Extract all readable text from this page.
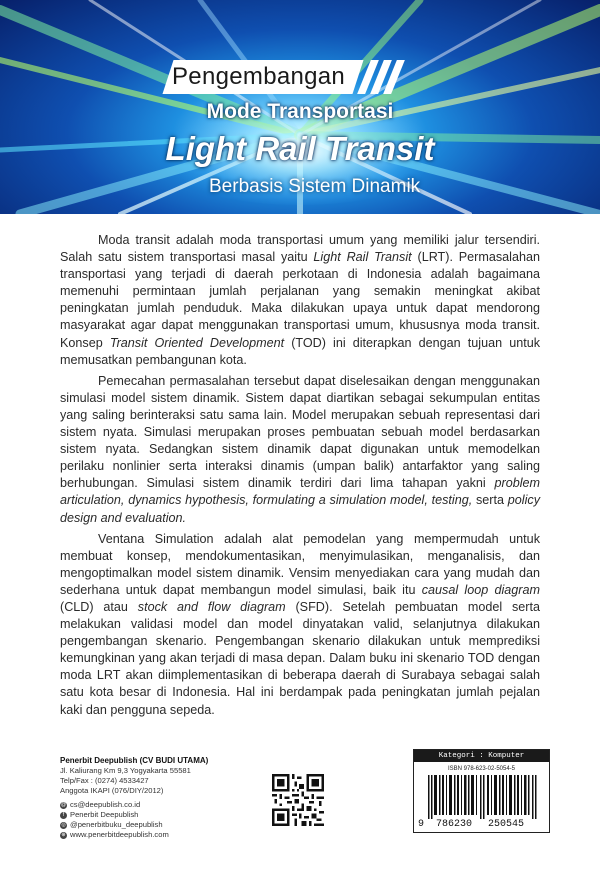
Pengembangan
Mode Transportasi
Light Rail Transit
Berbasis Sistem Dinamik

Moda transit adalah moda transportasi umum yang memiliki jalur tersendiri. Salah satu sistem transportasi masal yaitu Light Rail Transit (LRT). Permasalahan transportasi yang terjadi di daerah perkotaan di Indonesia adalah bagaimana memenuhi permintaan jumlah perjalanan yang semakin meningkat akibat peningkatan jumlah penduduk. Maka dilakukan upaya untuk dapat mendorong masyarakat agar dapat menggunakan transportasi umum, khususnya moda transit. Konsep Transit Oriented Development (TOD) ini diterapkan dengan tujuan untuk memusatkan pembangunan kota.

Pemecahan permasalahan tersebut dapat diselesaikan dengan menggunakan simulasi model sistem dinamik. Sistem dapat diartikan sebagai sekumpulan entitas yang saling berinteraksi satu sama lain. Model merupakan sebuah representasi dari sistem nyata. Simulasi merupakan proses pembuatan sebuah model berdasarkan sistem nyata. Sedangkan sistem dinamik dapat digunakan untuk memodelkan perilaku nonlinier serta interaksi dinamis (umpan balik) antarfaktor yang saling berhubungan. Simulasi sistem dinamik terdiri dari lima tahapan yakni problem articulation, dynamics hypothesis, formulating a simulation model, testing, serta policy design and evaluation.

Ventana Simulation adalah alat pemodelan yang mempermudah untuk membuat konsep, mendokumentasikan, menyimulasikan, menganalisis, dan mengoptimalkan model sistem dinamik. Vensim menyediakan cara yang mudah dan sederhana untuk dapat membangun model simulasi, baik itu causal loop diagram (CLD) atau stock and flow diagram (SFD). Setelah pembuatan model serta melakukan validasi model dan model dinyatakan valid, selanjutnya dilakukan pengembangan skenario. Pengembangan skenario dilakukan untuk memprediksi kemungkinan yang akan terjadi di masa depan. Dalam buku ini skenario TOD dengan moda LRT akan diimplementasikan di beberapa daerah di Surabaya sebagai salah satu kota besar di Indonesia. Hal ini berdampak pada peningkatan jumlah pejalan kaki dan pengguna sepeda.

Penerbit Deepublish (CV BUDI UTAMA)
Jl. Kaliurang Km 9,3 Yogyakarta 55581
Telp/Fax : (0274) 4533427
Anggota IKAPI (076/DIY/2012)
@ cs@deepublish.co.id
f Penerbit Deepublish
◎ @penerbitbuku_deepublish
⊕ www.penerbitdeepublish.com
Kategori : Komputer
ISBN 978-623-02-5054-5
9 786230 250545
